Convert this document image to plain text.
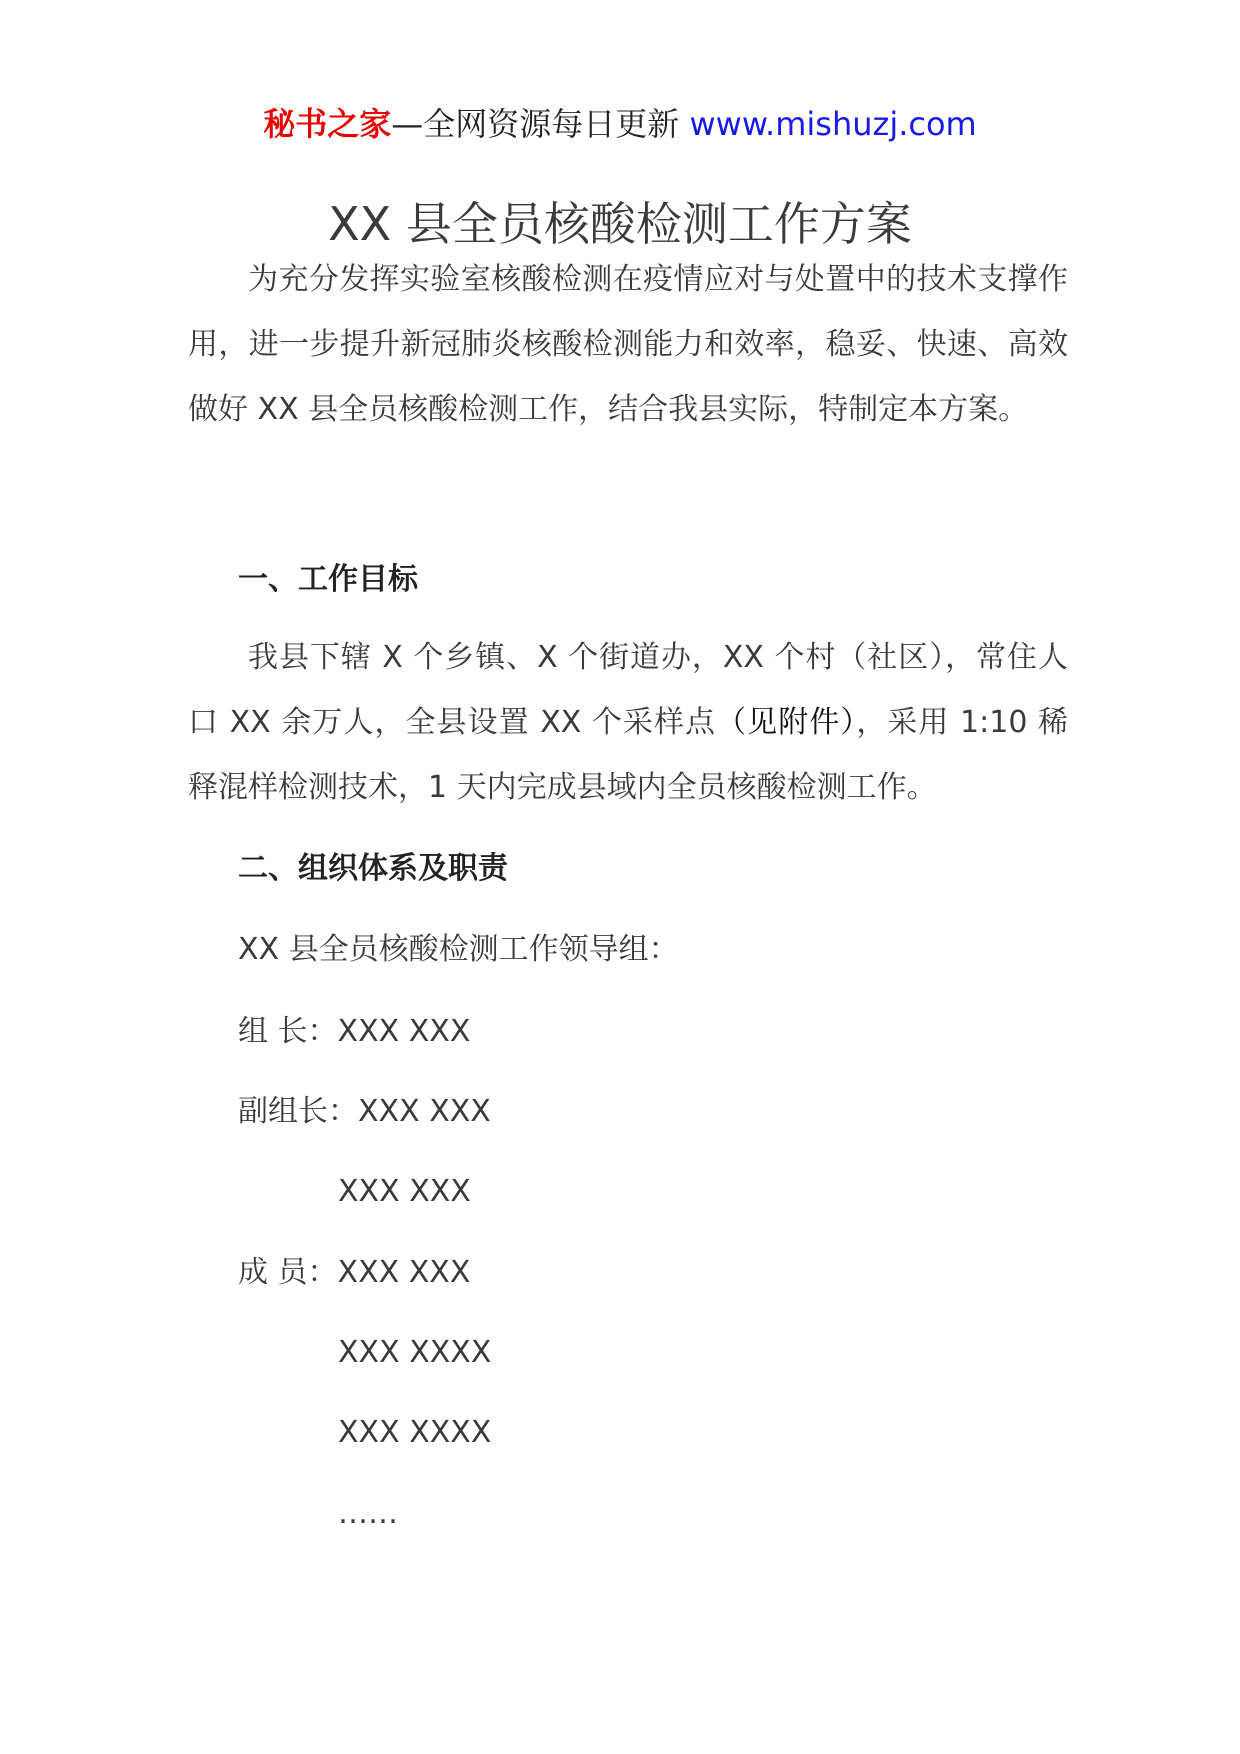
秘书之家—全网资源每日更新 www.mishuzj.com
XX 县全员核酸检测工作方案

为充分发挥实验室核酸检测在疫情应对与处置中的技术支撑作用，进一步提升新冠肺炎核酸检测能力和效率，稳妥、快速、高效做好 XX 县全员核酸检测工作，结合我县实际，特制定本方案。

一、工作目标

我县下辖 X 个乡镇、X 个街道办，XX 个村（社区），常住人口 XX 余万人，全县设置 XX 个采样点（见附件），采用 1:10 稀释混样检测技术，1 天内完成县域内全员核酸检测工作。

二、组织体系及职责
XX 县全员核酸检测工作领导组：
组 长：XXX XXX
副组长：XXX XXX
XXX XXX
成 员：XXX XXX
XXX XXXX
XXX XXXX
……
